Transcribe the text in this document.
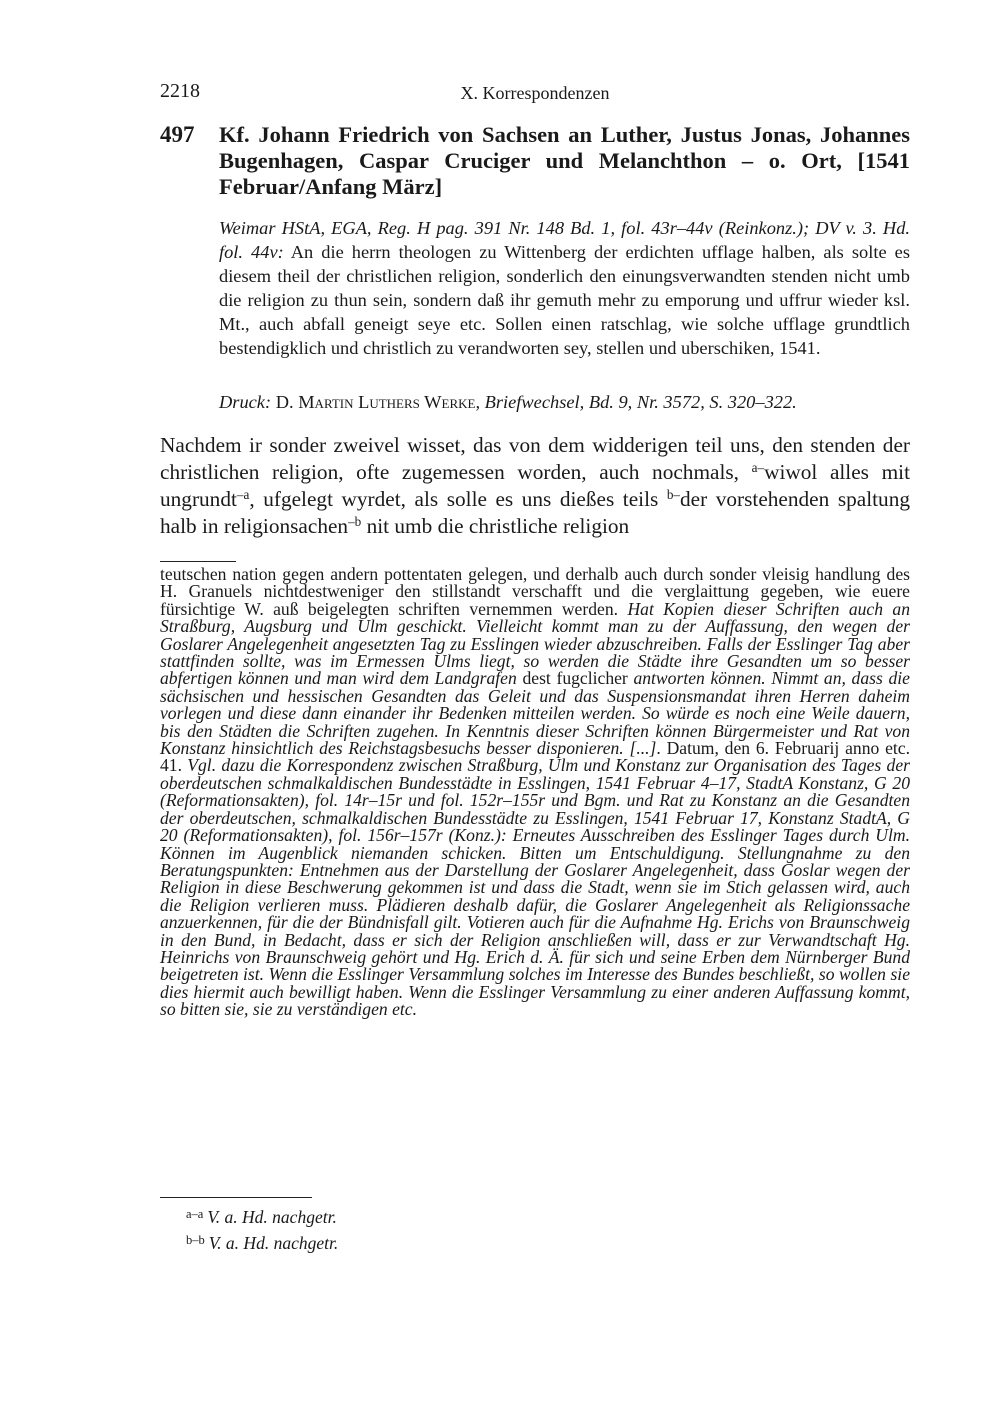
2218	X. Korrespondenzen
497 Kf. Johann Friedrich von Sachsen an Luther, Justus Jonas, Johannes Bugenhagen, Caspar Cruciger und Melanchthon – o. Ort, [1541 Februar/Anfang März]

Weimar HStA, EGA, Reg. H pag. 391 Nr. 148 Bd. 1, fol. 43r–44v (Reinkonz.); DV v. 3. Hd. fol. 44v: An die herrn theologen zu Wittenberg der erdichten ufflage halben, als solte es diesem theil der christlichen religion, sonderlich den einungsverwandten stenden nicht umb die religion zu thun sein, sondern daß ihr gemuth mehr zu emporung und uffrur wieder ksl. Mt., auch abfall geneigt seye etc. Sollen einen ratschlag, wie solche ufflage grundtlich bestendigklich und christlich zu verandworten sey, stellen und uberschiken, 1541.

Druck: D. Martin Luthers Werke, Briefwechsel, Bd. 9, Nr. 3572, S. 320–322.

Nachdem ir sonder zweivel wisset, das von dem widderigen teil uns, den stenden der christlichen religion, ofte zugemessen worden, auch nochmals, $^{a-}$wiwol alles mit ungrundt$^{-a}$, ufgelegt wyrdet, als solle es uns dießes teils $^{b-}$der vorstehenden spaltung halb in religionsachen$^{-b}$ nit umb die christliche religion

teutschen nation gegen andern pottentaten gelegen, und derhalb auch durch sonder vleisig handlung des H. Granuels nichtdestweniger den stillstandt verschafft und die verglaittung gegeben, wie euere fürsichtige W. auß beigelegten schriften vernemmen werden. Hat Kopien dieser Schriften auch an Straßburg, Augsburg und Ulm geschickt. Vielleicht kommt man zu der Auffassung, den wegen der Goslarer Angelegenheit angesetzten Tag zu Esslingen wieder abzuschreiben. Falls der Esslinger Tag aber stattfinden sollte, was im Ermessen Ulms liegt, so werden die Städte ihre Gesandten um so besser abfertigen können und man wird dem Landgrafen dest fugclicher antworten können. Nimmt an, dass die sächsischen und hessischen Gesandten das Geleit und das Suspensionsmandat ihren Herren daheim vorlegen und diese dann einander ihr Bedenken mitteilen werden. So würde es noch eine Weile dauern, bis den Städten die Schriften zugehen. In Kenntnis dieser Schriften können Bürgermeister und Rat von Konstanz hinsichtlich des Reichstagsbesuchs besser disponieren. [...]. Datum, den 6. Februarij anno etc. 41. Vgl. dazu die Korrespondenz zwischen Straßburg, Ulm und Konstanz zur Organisation des Tages der oberdeutschen schmalkaldischen Bundesstädte in Esslingen, 1541 Februar 4–17, StadtA Konstanz, G 20 (Reformationsakten), fol. 14r–15r und fol. 152r–155r und Bgm. und Rat zu Konstanz an die Gesandten der oberdeutschen, schmalkaldischen Bundesstädte zu Esslingen, 1541 Februar 17, Konstanz StadtA, G 20 (Reformationsakten), fol. 156r–157r (Konz.): Erneutes Ausschreiben des Esslinger Tages durch Ulm. Können im Augenblick niemanden schicken. Bitten um Entschuldigung. Stellungnahme zu den Beratungspunkten: Entnehmen aus der Darstellung der Goslarer Angelegenheit, dass Goslar wegen der Religion in diese Beschwerung gekommen ist und dass die Stadt, wenn sie im Stich gelassen wird, auch die Religion verlieren muss. Plädieren deshalb dafür, die Goslarer Angelegenheit als Religionssache anzuerkennen, für die der Bündnisfall gilt. Votieren auch für die Aufnahme Hg. Erichs von Braunschweig in den Bund, in Bedacht, dass er sich der Religion anschließen will, dass er zur Verwandtschaft Hg. Heinrichs von Braunschweig gehört und Hg. Erich d. Ä. für sich und seine Erben dem Nürnberger Bund beigetreten ist. Wenn die Esslinger Versammlung solches im Interesse des Bundes beschließt, so wollen sie dies hiermit auch bewilligt haben. Wenn die Esslinger Versammlung zu einer anderen Auffassung kommt, so bitten sie, sie zu verständigen etc.

$^{a-a}$ V. a. Hd. nachgetr.
$^{b-b}$ V. a. Hd. nachgetr.
